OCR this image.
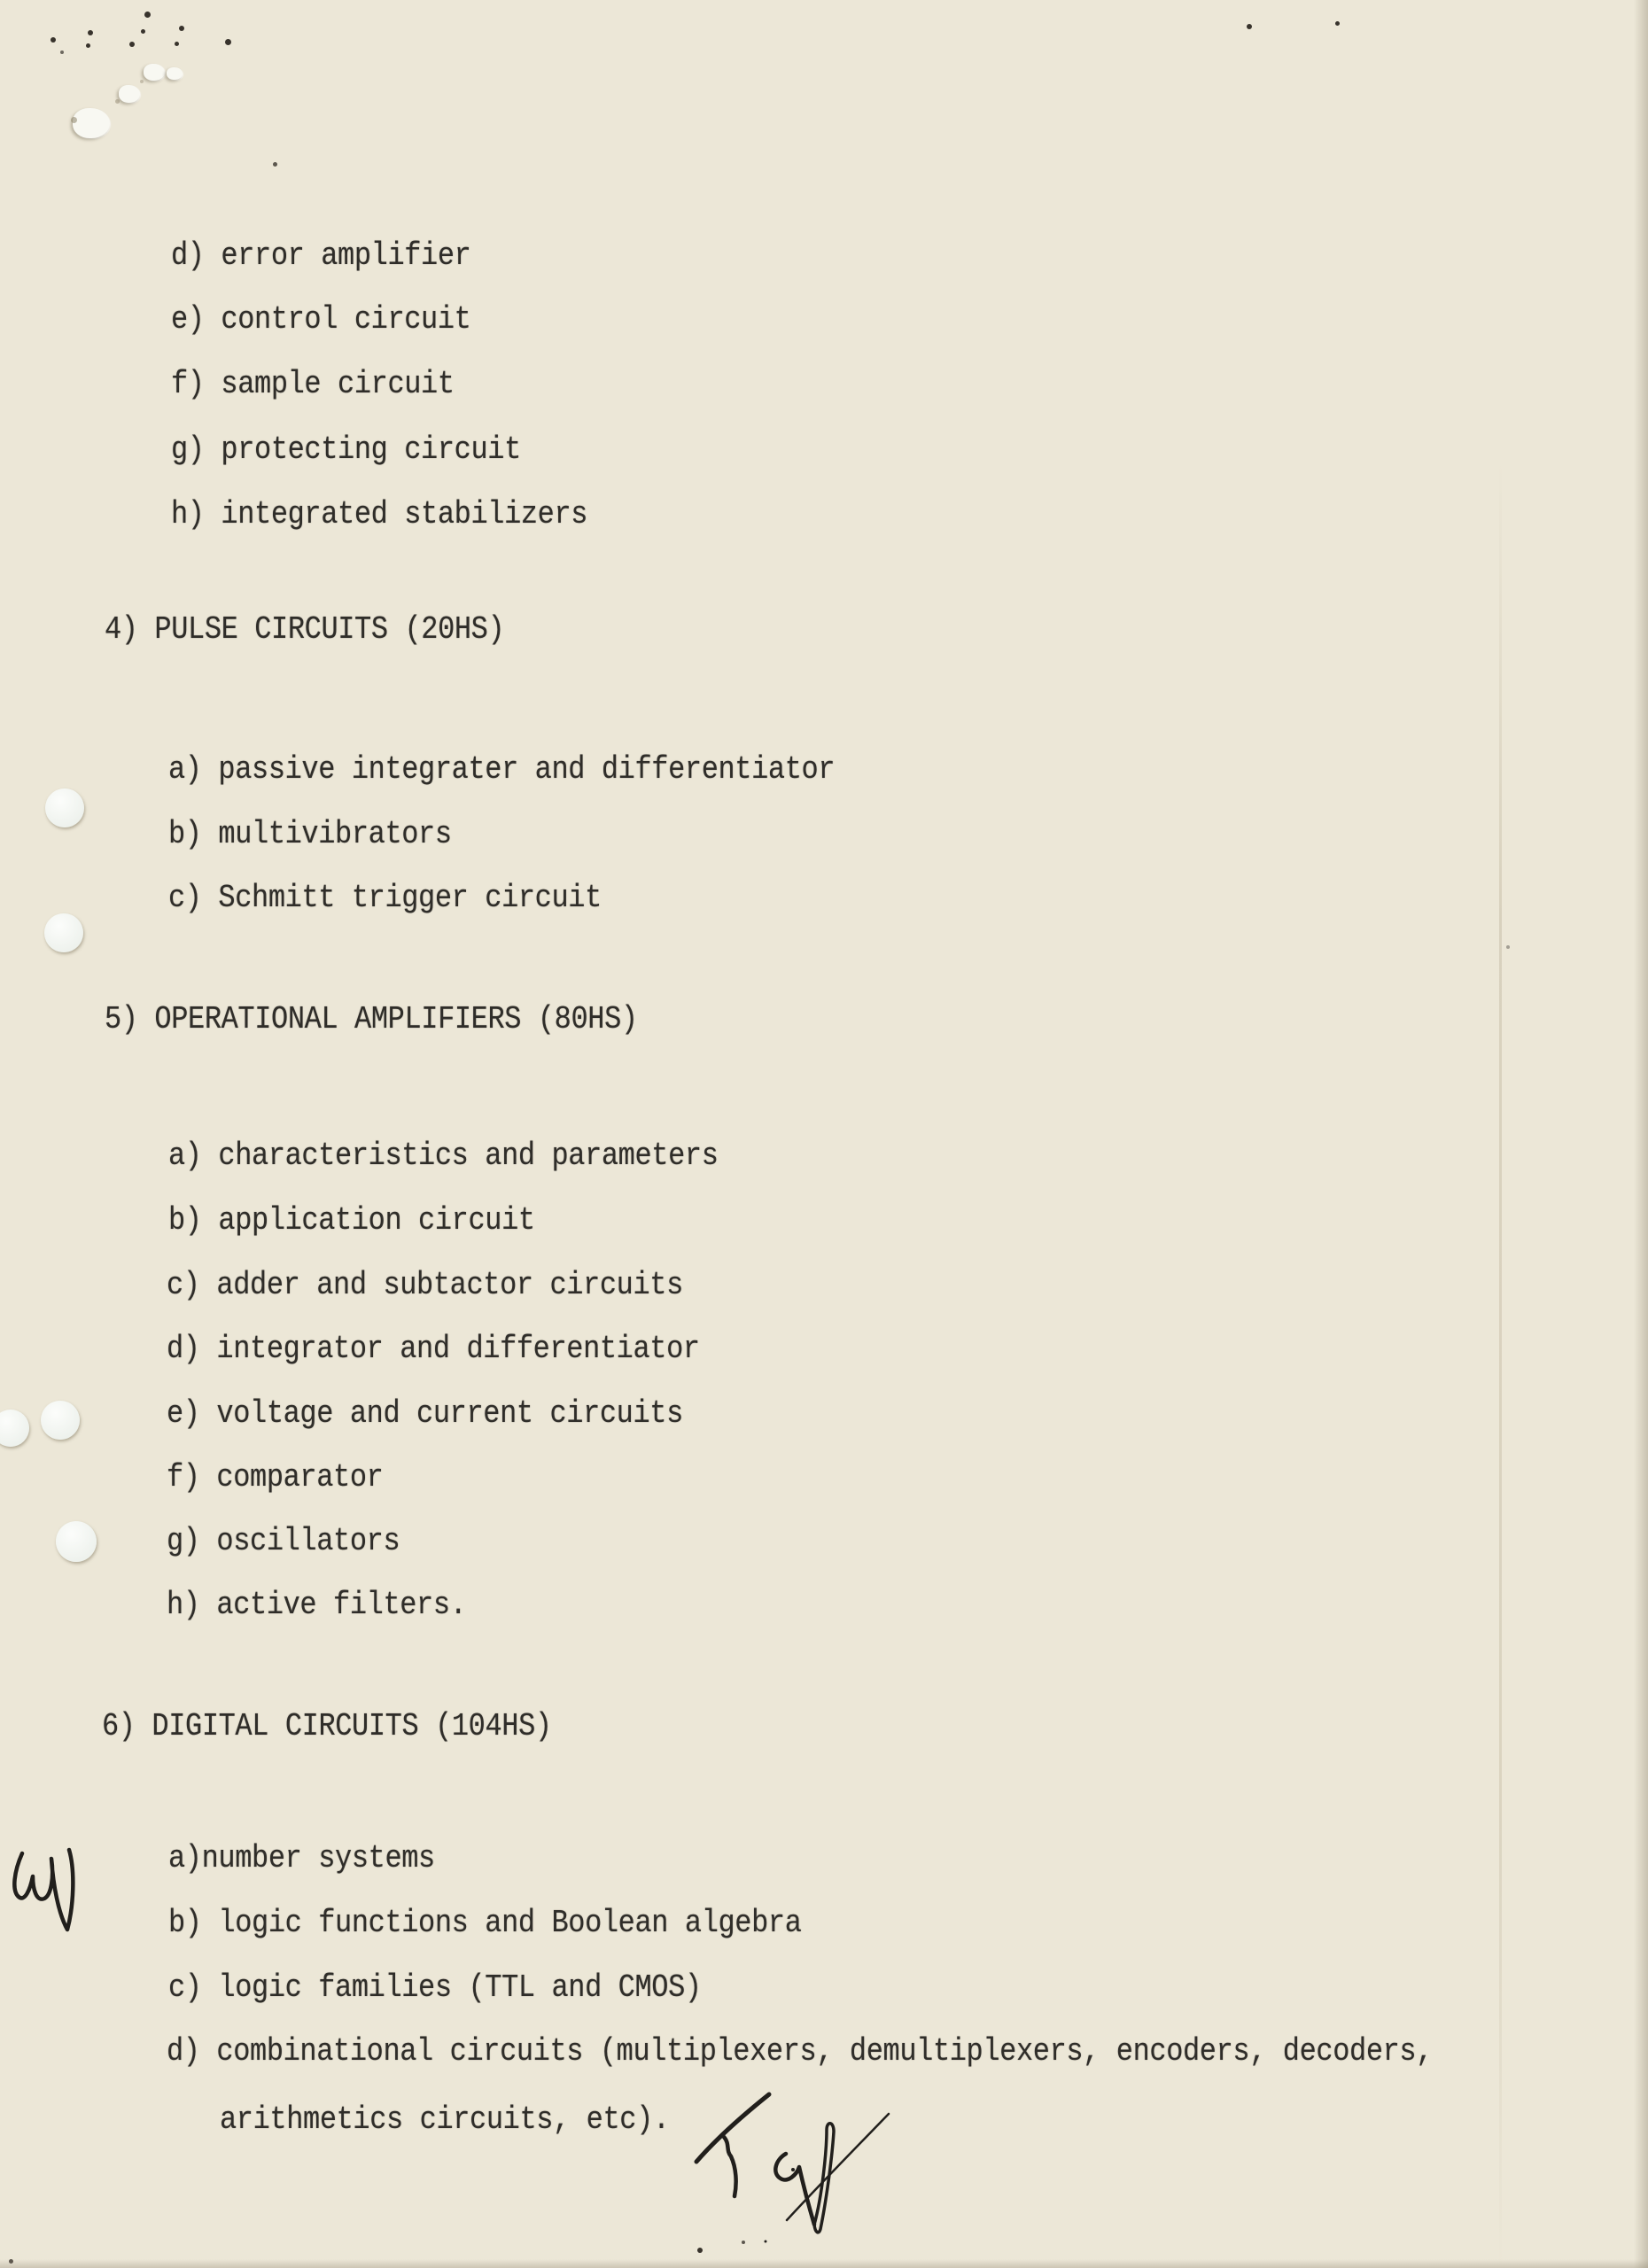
d) error amplifier
e) control circuit
f) sample circuit
g) protecting circuit
h) integrated stabilizers
4) PULSE CIRCUITS (20HS)
a) passive integrater and differentiator
b) multivibrators
c) Schmitt trigger circuit
5) OPERATIONAL AMPLIFIERS (80HS)
a) characteristics and parameters
b) application circuit
c) adder and subtactor circuits
d) integrator and differentiator
e) voltage and current circuits
f) comparator
g) oscillators
h) active filters.
6) DIGITAL CIRCUITS (104HS)
a)number systems
b) logic functions and Boolean algebra
c) logic families (TTL and CMOS)
d) combinational circuits (multiplexers, demultiplexers, encoders, decoders,
arithmetics circuits, etc).
